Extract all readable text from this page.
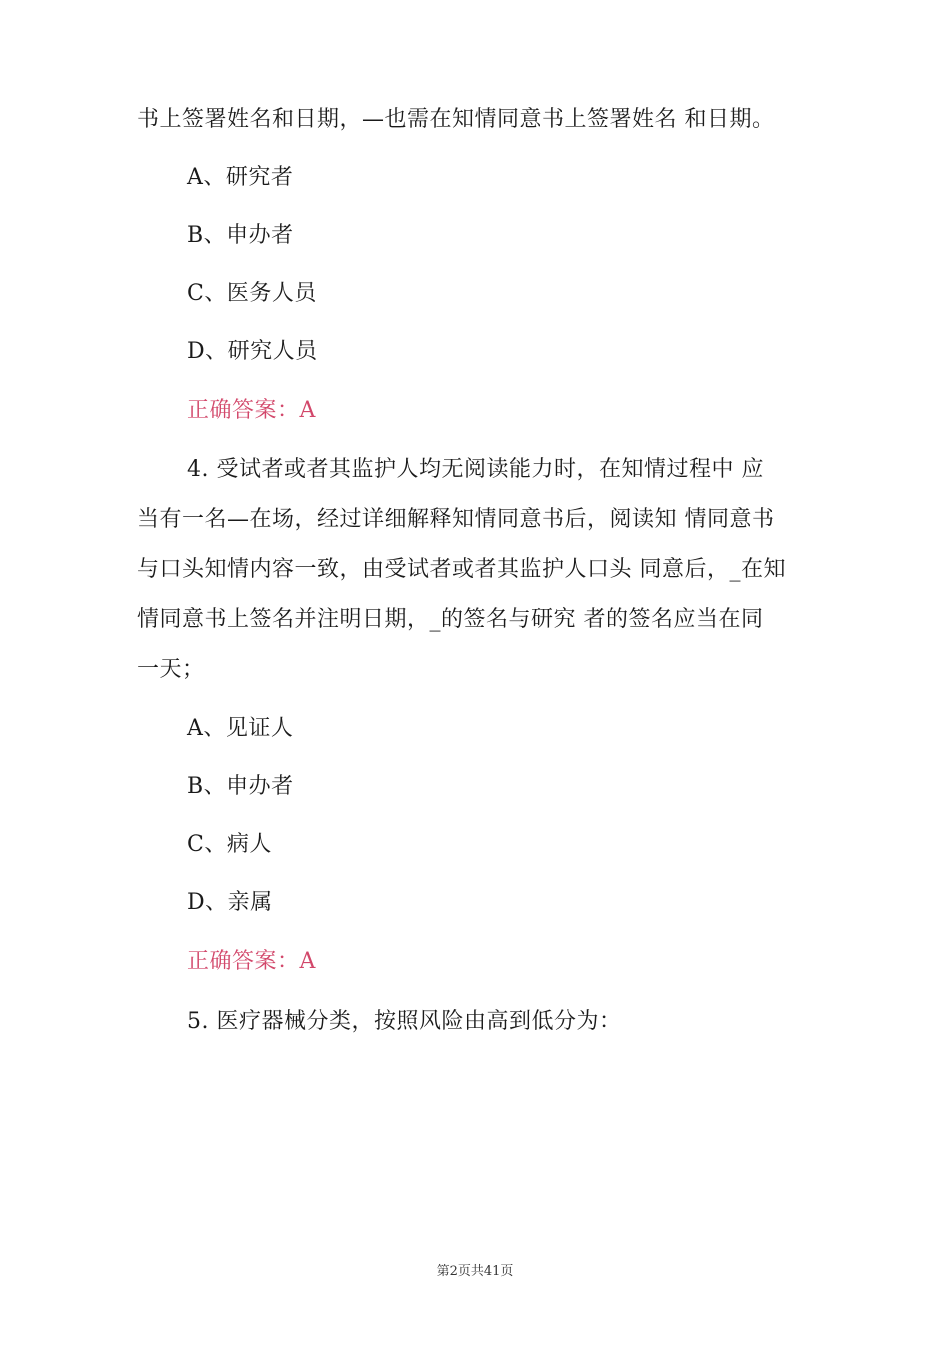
书上签署姓名和日期，—也需在知情同意书上签署姓名 和日期。
A、研究者
B、申办者
C、医务人员
D、研究人员
正确答案：A
4. 受试者或者其监护人均无阅读能力时，在知情过程中 应
当有一名—在场，经过详细解释知情同意书后，阅读知 情同意书
与口头知情内容一致，由受试者或者其监护人口头 同意后，_在知
情同意书上签名并注明日期，_的签名与研究 者的签名应当在同
一天；
A、见证人
B、申办者
C、病人
D、亲属
正确答案：A
5. 医疗器械分类，按照风险由高到低分为：
第2页共41页
